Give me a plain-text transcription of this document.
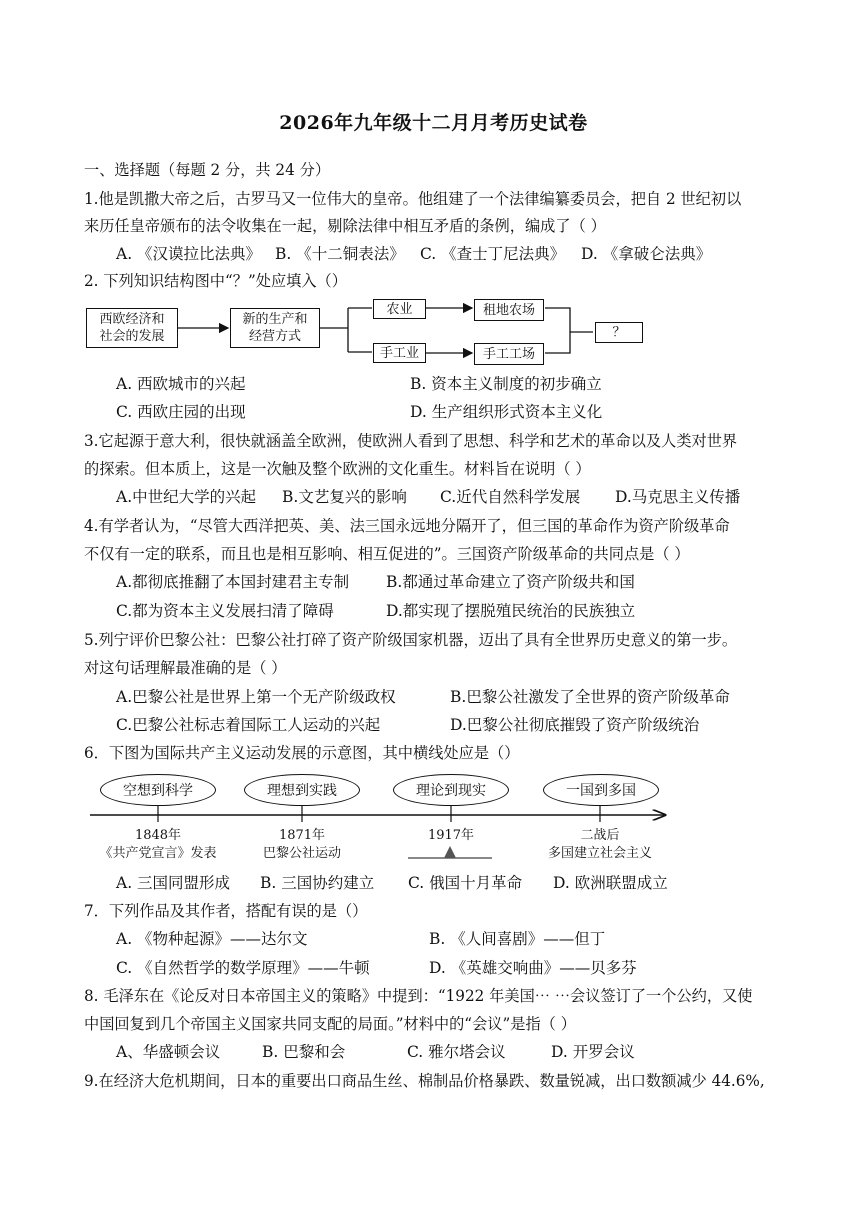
2026年九年级十二月月考历史试卷
一、选择题（每题 2 分，共 24 分）
1.他是凯撒大帝之后，古罗马又一位伟大的皇帝。他组建了一个法律编纂委员会，把自 2 世纪初以
来历任皇帝颁布的法令收集在一起，剔除法律中相互矛盾的条例，编成了（ ）
A. 《汉谟拉比法典》 B. 《十二铜表法》 C. 《查士丁尼法典》 D. 《拿破仑法典》
2. 下列知识结构图中“？”处应填入（）
西欧经济和
社会的发展
新的生产和
经营方式
农业
手工业
租地农场
手工工场
？
A. 西欧城市的兴起	B. 资本主义制度的初步确立
C. 西欧庄园的出现	D. 生产组织形式资本主义化
3.它起源于意大利，很快就涵盖全欧洲，使欧洲人看到了思想、科学和艺术的革命以及人类对世界
的探索。但本质上，这是一次触及整个欧洲的文化重生。材料旨在说明（ ）
A.中世纪大学的兴起 B.文艺复兴的影响 C.近代自然科学发展 D.马克思主义传播
4.有学者认为，“尽管大西洋把英、美、法三国永远地分隔开了，但三国的革命作为资产阶级革命
不仅有一定的联系，而且也是相互影响、相互促进的”。三国资产阶级革命的共同点是（ ）
A.都彻底推翻了本国封建君主专制 B.都通过革命建立了资产阶级共和国
C.都为资本主义发展扫清了障碍	D.都实现了摆脱殖民统治的民族独立
5.列宁评价巴黎公社：巴黎公社打碎了资产阶级国家机器，迈出了具有全世界历史意义的第一步。
对这句话理解最准确的是（ ）
A.巴黎公社是世界上第一个无产阶级政权	B.巴黎公社激发了全世界的资产阶级革命
C.巴黎公社标志着国际工人运动的兴起	D.巴黎公社彻底摧毁了资产阶级统治
6．下图为国际共产主义运动发展的示意图，其中横线处应是（）
空想到科学	理想到实践	理论到现实	一国到多国
1848年	1871年	1917年	二战后
《共产党宣言》发表	巴黎公社运动	多国建立社会主义
A. 三国同盟形成 B. 三国协约建立 C. 俄国十月革命 D. 欧洲联盟成立
7．下列作品及其作者，搭配有误的是（）
A. 《物种起源》——达尔文	B. 《人间喜剧》——但丁
C. 《自然哲学的数学原理》——牛顿	D. 《英雄交响曲》——贝多芬
8. 毛泽东在《论反对日本帝国主义的策略》中提到：“1922 年美国⋯ ⋯会议签订了一个公约，又使
中国回复到几个帝国主义国家共同支配的局面。”材料中的“会议”是指（ ）
A、华盛顿会议	B. 巴黎和会	C. 雅尔塔会议	D. 开罗会议
9.在经济大危机期间，日本的重要出口商品生丝、棉制品价格暴跌、数量锐减，出口数额减少 44.6%,
